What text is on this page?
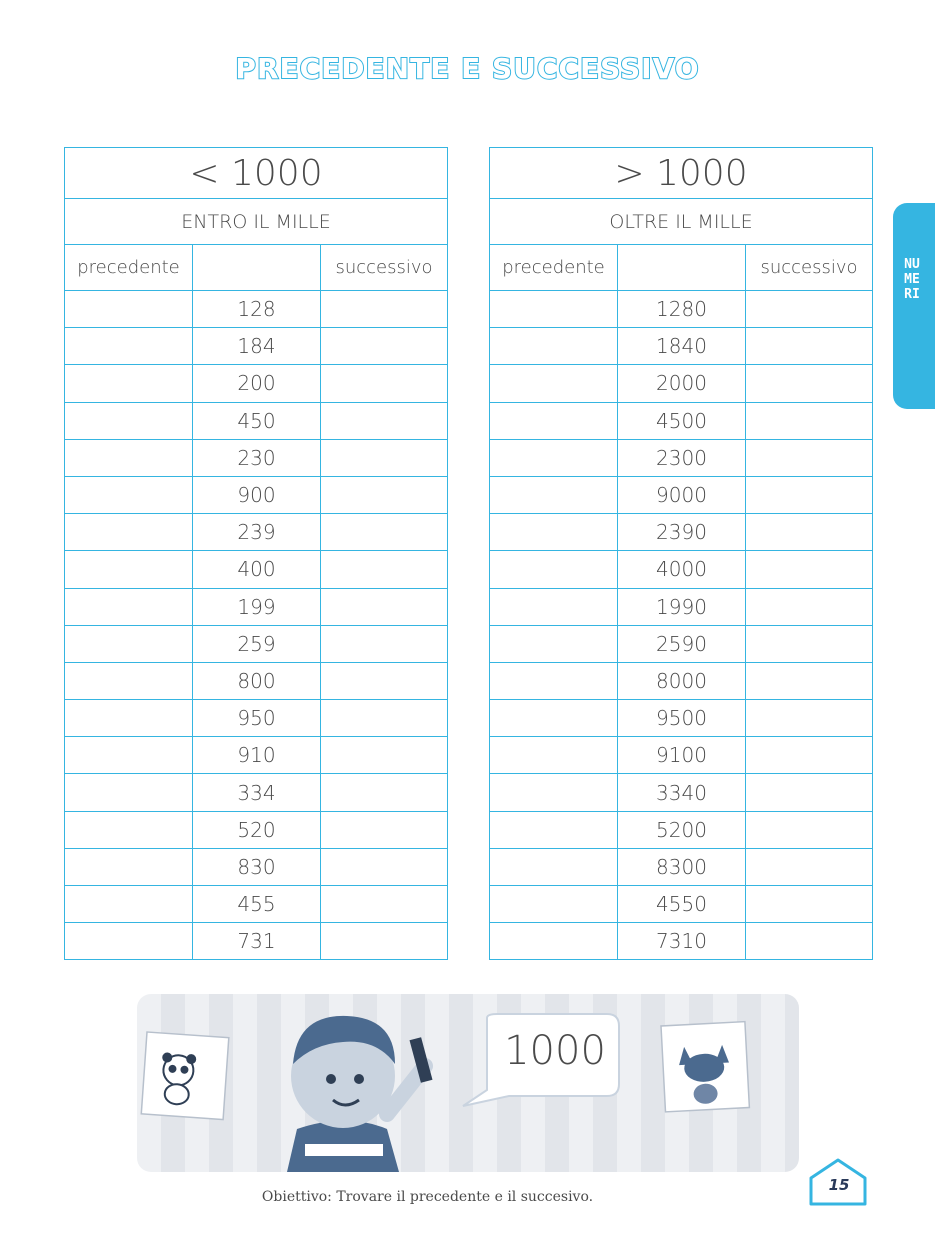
PRECEDENTE E SUCCESSIVO
< 1000		
ENTRO IL MILLE		
precedente		successivo
	128	
	184	
	200	
	450	
	230	
	900	
	239	
	400	
	199	
	259	
	800	
	950	
	910	
	334	
	520	
	830	
	455	
	731	
> 1000		
OLTRE IL MILLE		
precedente		successivo
	1280	
	1840	
	2000	
	4500	
	2300	
	9000	
	2390	
	4000	
	1990	
	2590	
	8000	
	9500	
	9100	
	3340	
	5200	
	8300	
	4550	
	7310	
NUMERI
1000
Obiettivo: Trovare il precedente e il succesivo.
15
